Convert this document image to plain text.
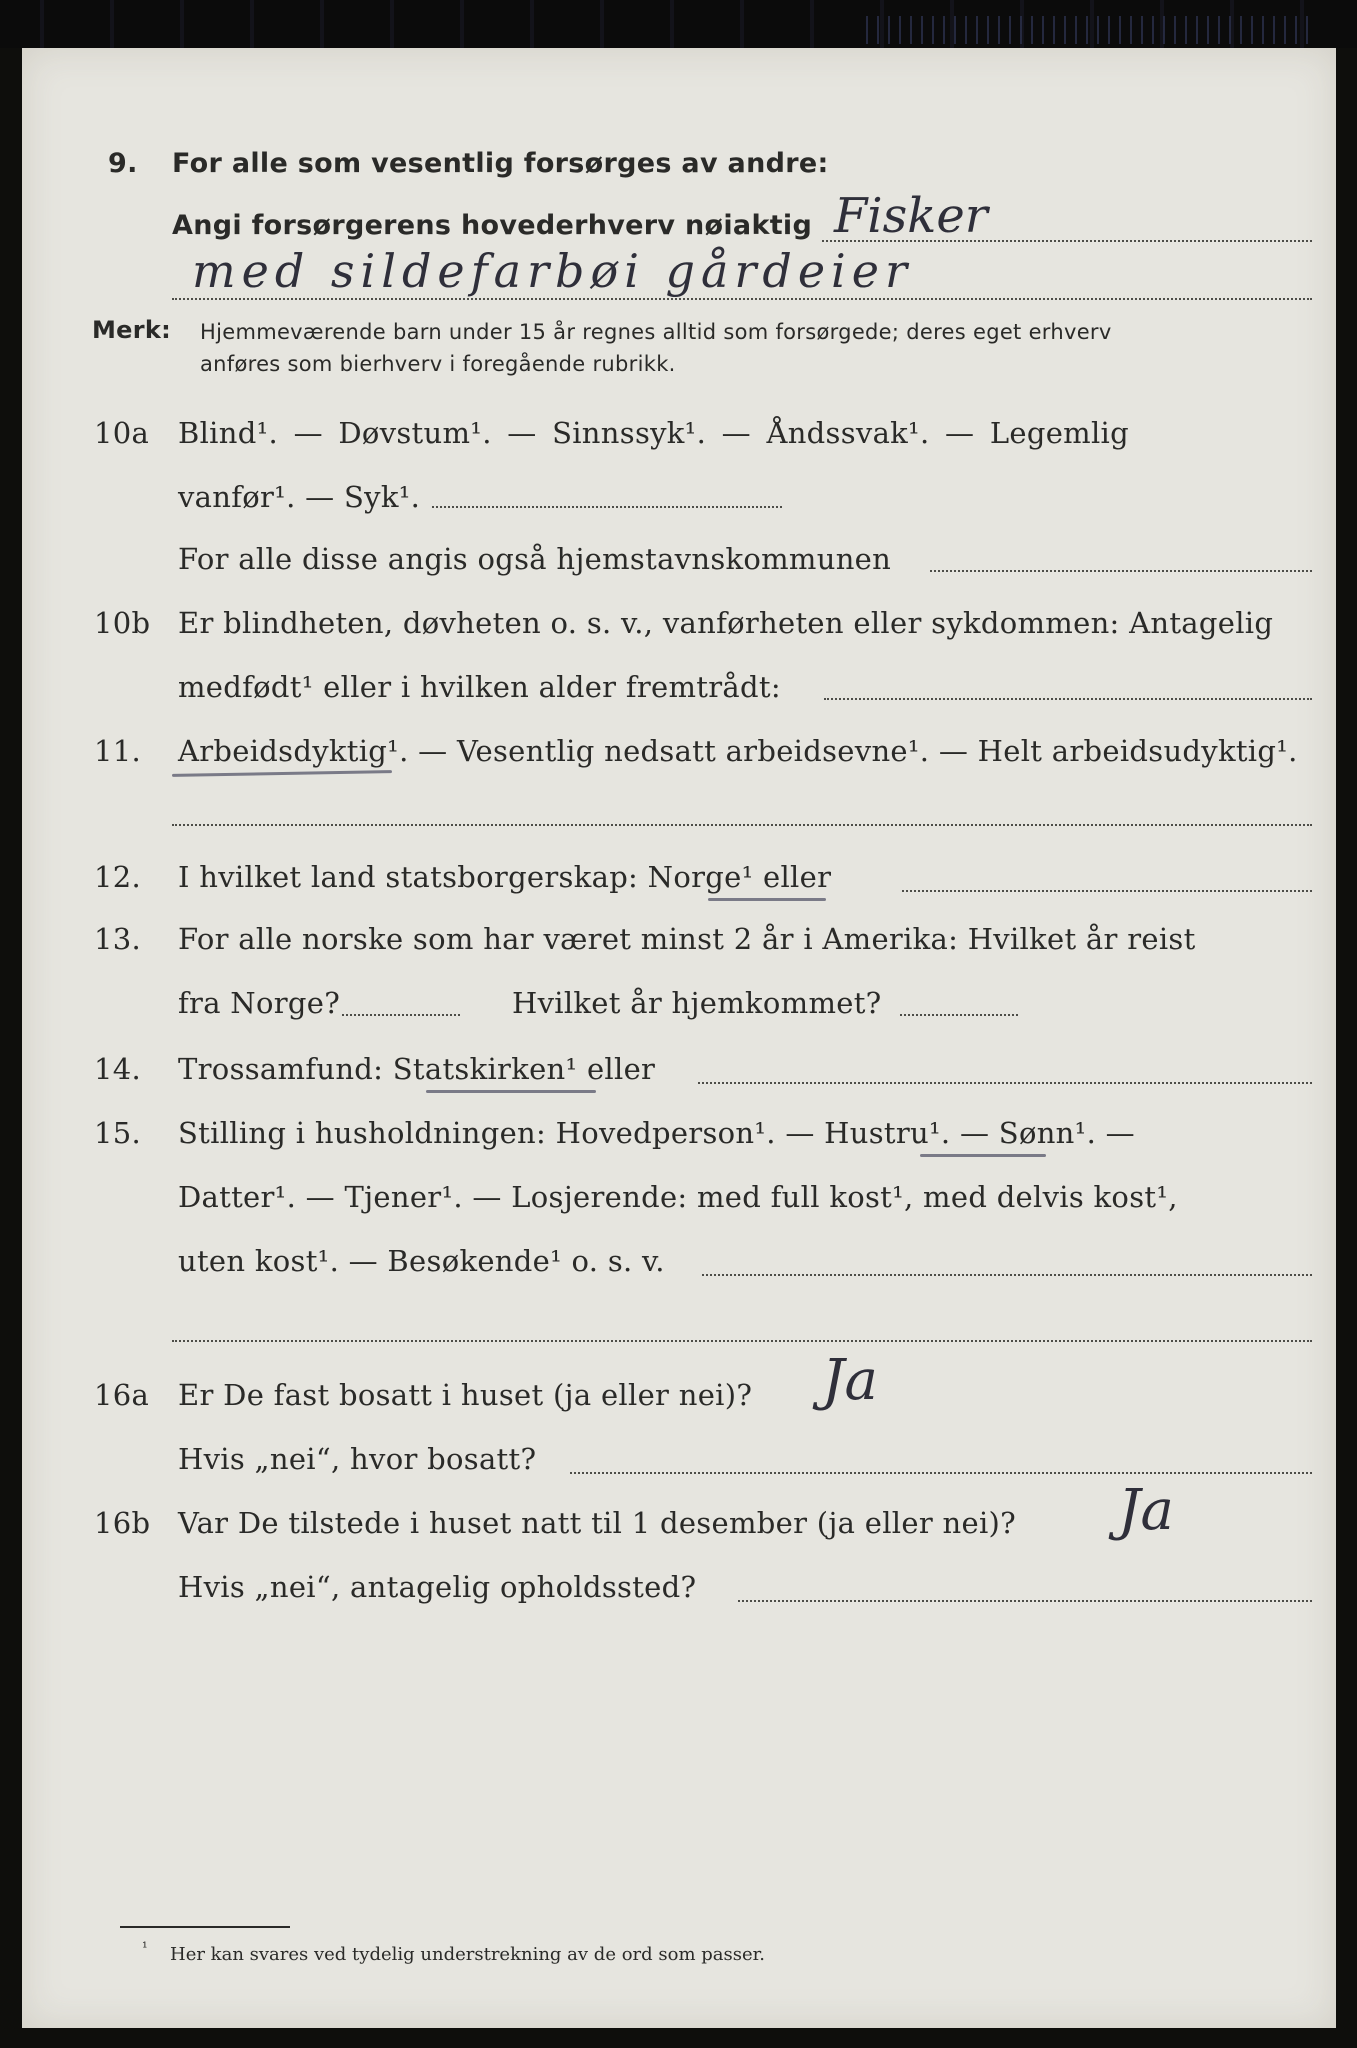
9. For alle som vesentlig forsørges av andre:
Angi forsørgerens hovederhverv nøiaktig Fisker
med sildefarbøi gårdeier
Merk: Hjemmeværende barn under 15 år regnes alltid som forsørgede; deres eget erhverv
anføres som bierhverv i foregående rubrikk.
10a Blind¹. — Døvstum¹. — Sinnssyk¹. — Åndssvak¹. — Legemlig
vanfør¹. — Syk¹.
For alle disse angis også hjemstavnskommunen
10b Er blindheten, døvheten o. s. v., vanførheten eller sykdommen: Antagelig
medfødt¹ eller i hvilken alder fremtrådt:
11. Arbeidsdyktig¹. — Vesentlig nedsatt arbeidsevne¹. — Helt arbeidsudyktig¹.
12. I hvilket land statsborgerskap: Norge¹ eller
13. For alle norske som har været minst 2 år i Amerika: Hvilket år reist
fra Norge?	Hvilket år hjemkommet?
14. Trossamfund: Statskirken¹ eller
15. Stilling i husholdningen: Hovedperson¹. — Hustru¹. — Sønn¹. —
Datter¹. — Tjener¹. — Losjerende: med full kost¹, med delvis kost¹,
uten kost¹. — Besøkende¹ o. s. v.
16a Er De fast bosatt i huset (ja eller nei)? Ja
Hvis „nei“, hvor bosatt?
16b Var De tilstede i huset natt til 1 desember (ja eller nei)? Ja
Hvis „nei“, antagelig opholdssted?
¹ Her kan svares ved tydelig understrekning av de ord som passer.
